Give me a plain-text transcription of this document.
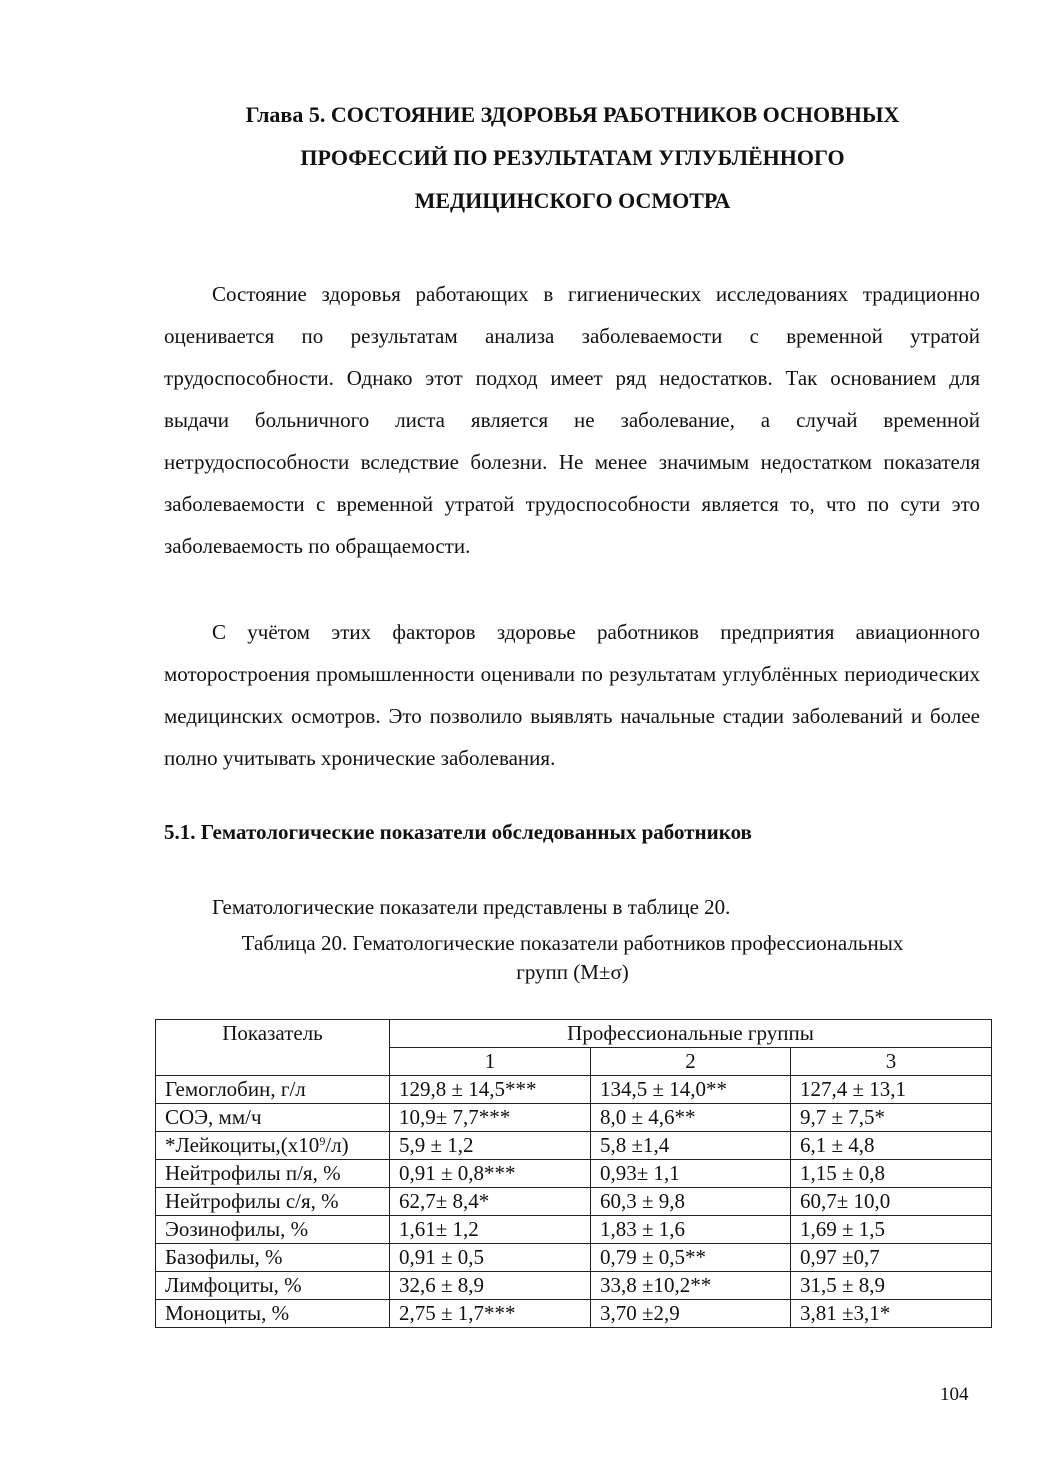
Глава 5. СОСТОЯНИЕ ЗДОРОВЬЯ РАБОТНИКОВ ОСНОВНЫХ
ПРОФЕССИЙ ПО РЕЗУЛЬТАТАМ УГЛУБЛЁННОГО
МЕДИЦИНСКОГО ОСМОТРА

Состояние здоровья работающих в гигиенических исследованиях традиционно оценивается по результатам анализа заболеваемости с временной утратой трудоспособности. Однако этот подход имеет ряд недостатков. Так основанием для выдачи больничного листа является не заболевание, а случай временной нетрудоспособности вследствие болезни. Не менее значимым недостатком показателя заболеваемости с временной утратой трудоспособности является то, что по сути это заболеваемость по обращаемости.

С учётом этих факторов здоровье работников предприятия авиационного моторостроения промышленности оценивали по результатам углублённых периодических медицинских осмотров. Это позволило выявлять начальные стадии заболеваний и более полно учитывать хронические заболевания.

5.1. Гематологические показатели обследованных работников

Гематологические показатели представлены в таблице 20.

Таблица 20. Гематологические показатели работников профессиональных
групп (М±σ)
Показатель	Профессиональные группы		
	1	2	3
Гемоглобин, г/л	129,8 ± 14,5***	134,5 ± 14,0**	127,4 ± 13,1
СОЭ, мм/ч	10,9± 7,7***	8,0 ± 4,6**	9,7 ± 7,5*
$*Лейкоциты,(х10^9/л)$	5,9 ± 1,2	5,8 ±1,4	6,1 ± 4,8
Нейтрофилы п/я, %	0,91 ± 0,8***	0,93± 1,1	1,15 ± 0,8
Нейтрофилы с/я, %	62,7± 8,4*	60,3 ± 9,8	60,7± 10,0
Эозинофилы, %	1,61± 1,2	1,83 ± 1,6	1,69 ± 1,5
Базофилы, %	0,91 ± 0,5	0,79 ± 0,5**	0,97 ±0,7
Лимфоциты, %	32,6 ± 8,9	33,8 ±10,2**	31,5 ± 8,9
Моноциты, %	2,75 ± 1,7***	3,70 ±2,9	3,81 ±3,1*

104
